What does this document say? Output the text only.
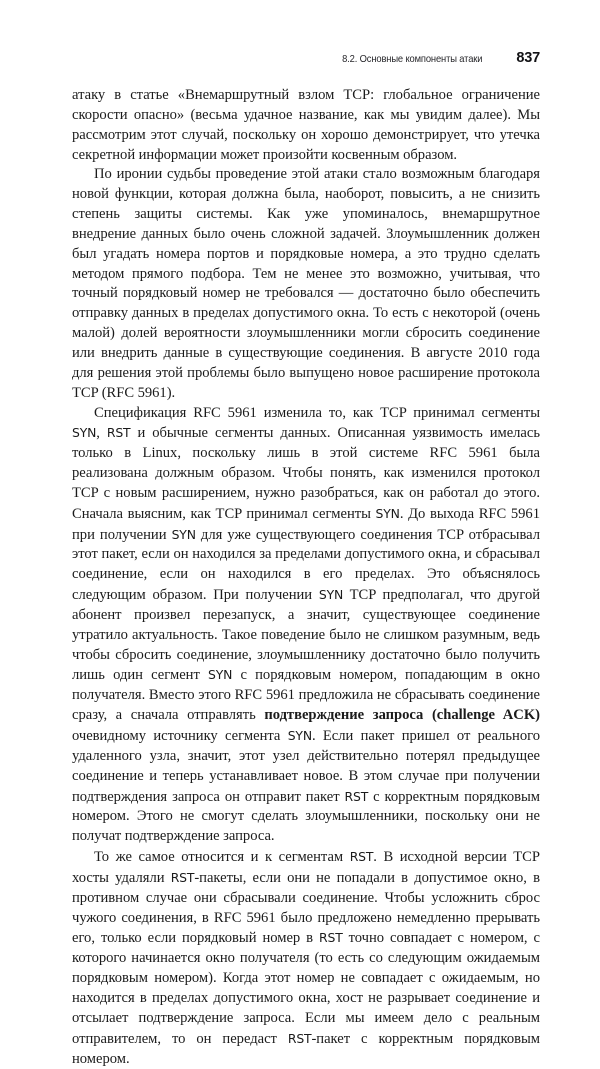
8.2. Основные компоненты атаки	837

атаку в статье «Внемаршрутный взлом TCP: глобальное ограничение скорости опасно» (весьма удачное название, как мы увидим далее). Мы рассмотрим этот случай, поскольку он хорошо демонстрирует, что утечка секретной информации может произойти косвенным образом.

По иронии судьбы проведение этой атаки стало возможным благодаря новой функции, которая должна была, наоборот, повысить, а не снизить степень защиты системы. Как уже упоминалось, внемаршрутное внедрение данных было очень сложной задачей. Злоумышленник должен был угадать номера портов и порядковые номера, а это трудно сделать методом прямого подбора. Тем не менее это возможно, учитывая, что точный порядковый номер не требовался — достаточно было обеспечить отправку данных в пределах допустимого окна. То есть с некоторой (очень малой) долей вероятности злоумышленники могли сбросить соединение или внедрить данные в существующие соединения. В августе 2010 года для решения этой проблемы было выпущено новое расширение протокола TCP (RFC 5961).

Спецификация RFC 5961 изменила то, как TCP принимал сегменты SYN, RST и обычные сегменты данных. Описанная уязвимость имелась только в Linux, поскольку лишь в этой системе RFC 5961 была реализована должным образом. Чтобы понять, как изменился протокол TCP с новым расширением, нужно разобраться, как он работал до этого. Сначала выясним, как TCP принимал сегменты SYN. До выхода RFC 5961 при получении SYN для уже существующего соединения TCP отбрасывал этот пакет, если он находился за пределами допустимого окна, и сбрасывал соединение, если он находился в его пределах. Это объяснялось следующим образом. При получении SYN TCP предполагал, что другой абонент произвел перезапуск, а значит, существующее соединение утратило актуальность. Такое поведение было не слишком разумным, ведь чтобы сбросить соединение, злоумышленнику достаточно было получить лишь один сегмент SYN с порядковым номером, попадающим в окно получателя. Вместо этого RFC 5961 предложила не сбрасывать соединение сразу, а сначала отправлять подтверждение запроса (challenge ACK) очевидному источнику сегмента SYN. Если пакет пришел от реального удаленного узла, значит, этот узел действительно потерял предыдущее соединение и теперь устанавливает новое. В этом случае при получении подтверждения запроса он отправит пакет RST с корректным порядковым номером. Этого не смогут сделать злоумышленники, поскольку они не получат подтверждение запроса.

То же самое относится и к сегментам RST. В исходной версии TCP хосты удаляли RST-пакеты, если они не попадали в допустимое окно, в противном случае они сбрасывали соединение. Чтобы усложнить сброс чужого соединения, в RFC 5961 было предложено немедленно прерывать его, только если порядковый номер в RST точно совпадает с номером, с которого начинается окно получателя (то есть со следующим ожидаемым порядковым номером). Когда этот номер не совпадает с ожидаемым, но находится в пределах допустимого окна, хост не разрывает соединение и отсылает подтверждение запроса. Если мы имеем дело с реальным отправителем, то он передаст RST-пакет с корректным порядковым номером.
